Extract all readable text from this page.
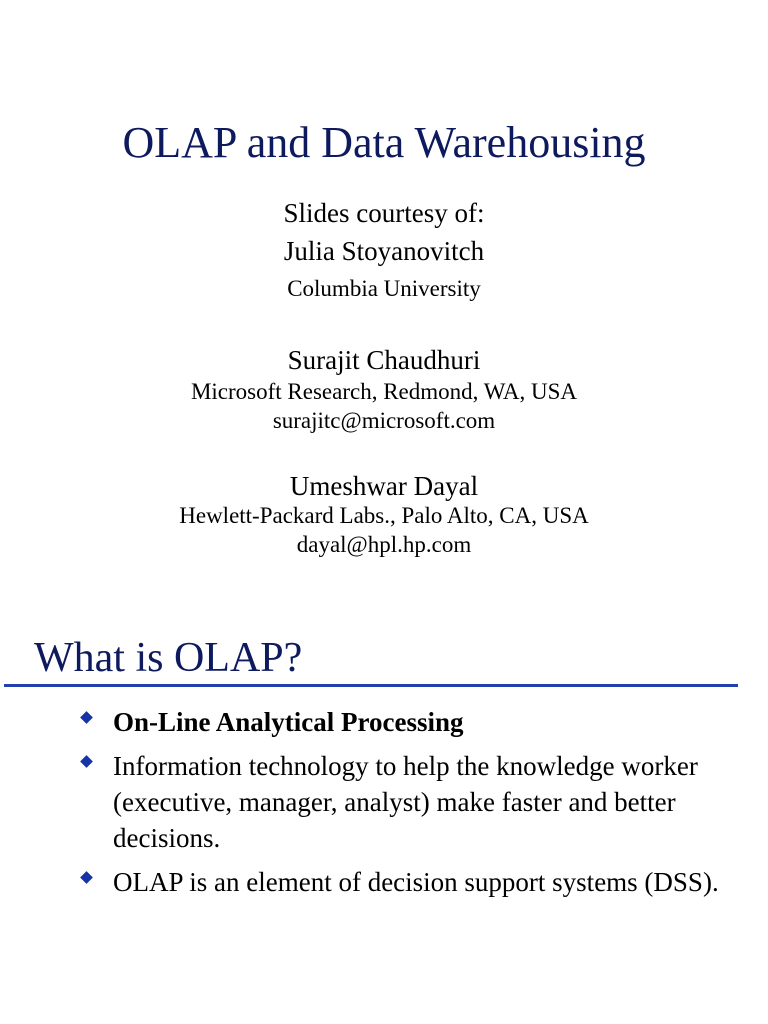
OLAP and Data Warehousing
Slides courtesy of:
Julia Stoyanovitch
Columbia University
Surajit Chaudhuri
Microsoft Research, Redmond, WA, USA
surajitc@microsoft.com
Umeshwar Dayal
Hewlett-Packard Labs., Palo Alto, CA, USA
dayal@hpl.hp.com
What is OLAP?
On-Line Analytical Processing
Information technology to help the knowledge worker (executive, manager, analyst) make faster and better decisions.
OLAP is an element of decision support systems (DSS).
